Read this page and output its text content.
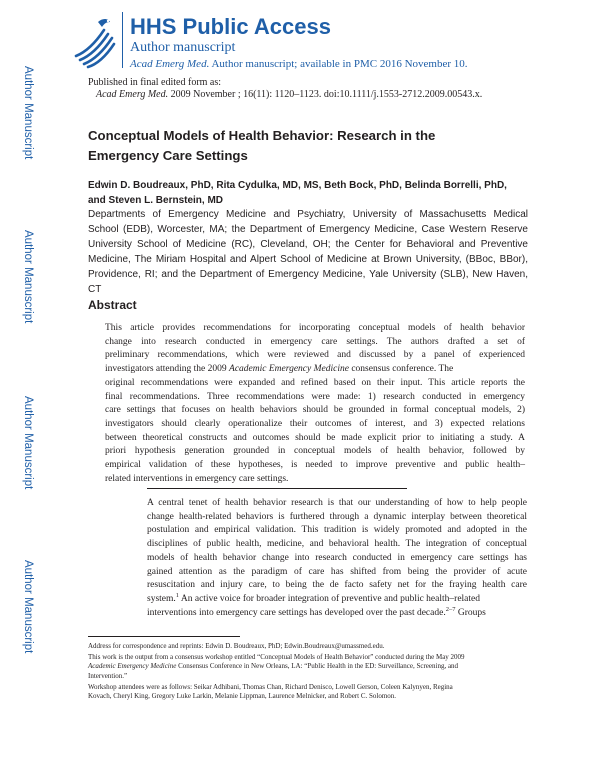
Author Manuscript
Author Manuscript
Author Manuscript
Author Manuscript
HHS Public Access
Author manuscript
Acad Emerg Med. Author manuscript; available in PMC 2016 November 10.
Published in final edited form as:
Acad Emerg Med. 2009 November ; 16(11): 1120–1123. doi:10.1111/j.1553-2712.2009.00543.x.
Conceptual Models of Health Behavior: Research in the
Emergency Care Settings
Edwin D. Boudreaux, PhD, Rita Cydulka, MD, MS, Beth Bock, PhD, Belinda Borrelli, PhD,
and Steven L. Bernstein, MD
Departments of Emergency Medicine and Psychiatry, University of Massachusetts Medical
School (EDB), Worcester, MA; the Department of Emergency Medicine, Case Western Reserve
University School of Medicine (RC), Cleveland, OH; the Center for Behavioral and Preventive
Medicine, The Miriam Hospital and Alpert School of Medicine at Brown University, (BBoc, BBor),
Providence, RI; and the Department of Emergency Medicine, Yale University (SLB), New Haven,
CT
Abstract
This article provides recommendations for incorporating conceptual models of health behavior
change into research conducted in emergency care settings. The authors drafted a set of
preliminary recommendations, which were reviewed and discussed by a panel of experienced
investigators attending the 2009 Academic Emergency Medicine consensus conference. The
original recommendations were expanded and refined based on their input. This article reports the
final recommendations. Three recommendations were made: 1) research conducted in emergency
care settings that focuses on health behaviors should be grounded in formal conceptual models, 2)
investigators should clearly operationalize their outcomes of interest, and 3) expected relations
between theoretical constructs and outcomes should be made explicit prior to initiating a study. A
priori hypothesis generation grounded in conceptual models of health behavior, followed by
empirical validation of these hypotheses, is needed to improve preventive and public health–
related interventions in emergency care settings.
A central tenet of health behavior research is that our understanding of how to help people
change health-related behaviors is furthered through a dynamic interplay between theoretical
postulation and empirical validation. This tradition is widely promoted and adopted in the
disciplines of public health, medicine, and behavioral health. The integration of conceptual
models of health behavior change into research conducted in emergency care settings has
gained attention as the paradigm of care has shifted from being the provider of acute
resuscitation and injury care, to being the de facto safety net for the fraying health care
system.$^1$ An active voice for broader integration of preventive and public health–related
interventions into emergency care settings has developed over the past decade.$^{2-7}$ Groups

Address for correspondence and reprints: Edwin D. Boudreaux, PhD; Edwin.Boudreaux@umassmed.edu.

This work is the output from a consensus workshop entitled “Conceptual Models of Health Behavior” conducted during the May 2009
Academic Emergency Medicine Consensus Conference in New Orleans, LA: “Public Health in the ED: Surveillance, Screening, and
Intervention.”

Workshop attendees were as follows: Seikar Adhibani, Thomas Chan, Richard Denisco, Lowell Gerson, Coleen Kalynyen, Regina
Kovach, Cheryl King, Gregory Luke Larkin, Melanie Lippman, Laurence Melnicker, and Robert C. Solomon.
